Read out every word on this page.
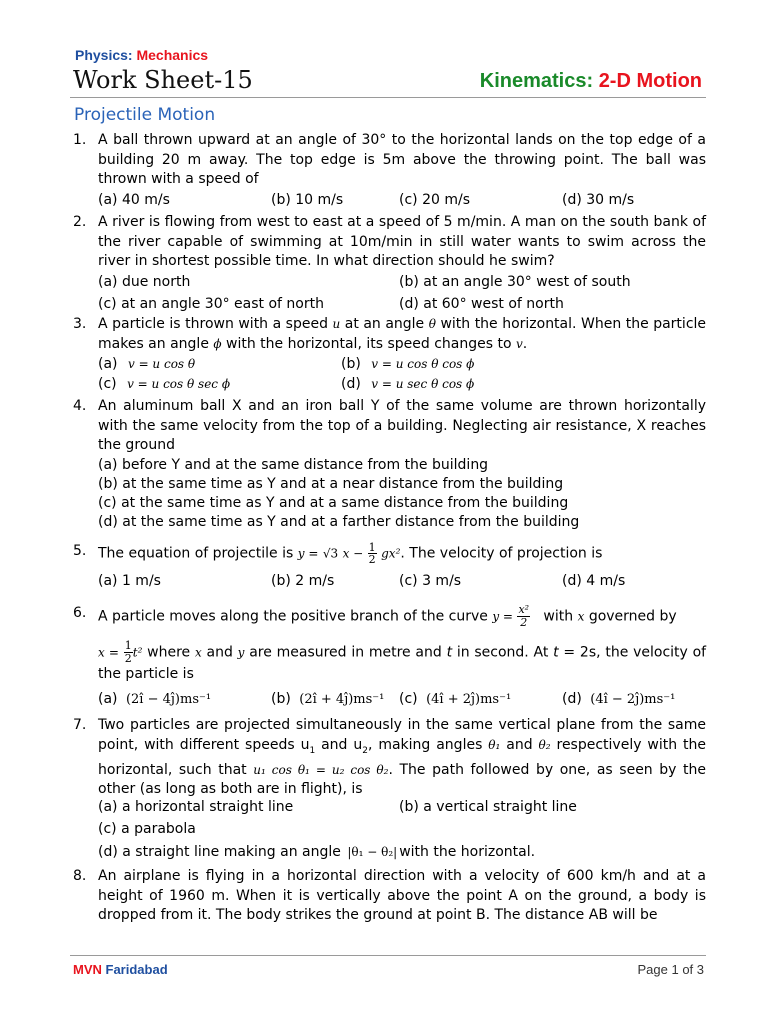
Physics: Mechanics
Work Sheet-15	Kinematics: 2-D Motion
Projectile Motion
1. A ball thrown upward at an angle of 30° to the horizontal lands on the top edge of a building 20 m away. The top edge is 5m above the throwing point. The ball was thrown with a speed of
(a) 40 m/s	(b) 10 m/s	(c) 20 m/s	(d) 30 m/s
2. A river is flowing from west to east at a speed of 5 m/min. A man on the south bank of the river capable of swimming at 10m/min in still water wants to swim across the river in shortest possible time. In what direction should he swim?
(a) due north	(b) at an angle 30° west of south
(c) at an angle 30° east of north	(d) at 60° west of north
3. A particle is thrown with a speed u at an angle θ with the horizontal. When the particle makes an angle ϕ with the horizontal, its speed changes to v.
(a) v = u cos θ	(b) v = u cos θ cos ϕ
(c) v = u cos θ sec ϕ	(d) v = u sec θ cos ϕ
4. An aluminum ball X and an iron ball Y of the same volume are thrown horizontally with the same velocity from the top of a building. Neglecting air resistance, X reaches the ground
(a) before Y and at the same distance from the building
(b) at the same time as Y and at a near distance from the building
(c) at the same time as Y and at a same distance from the building
(d) at the same time as Y and at a farther distance from the building
5. The equation of projectile is y = √3 $x - \frac{1}{2} gx^2$. The velocity of projection is
(a) 1 m/s	(b) 2 m/s	(c) 3 m/s	(d) 4 m/s
6. A particle moves along the positive branch of the curve $y = \frac{\text{x²}}{2}$ with x governed by
$x = \frac{1}{2} t^2$ where x and y are measured in metre and t in second. At t = 2s, the velocity of the particle is
(a) (2î − 4ĵ)ms⁻¹	(b) (2î + 4ĵ)ms⁻¹ (c) (4î + 2ĵ)ms⁻¹	(d) (4î − 2ĵ)ms⁻¹
7. Two particles are projected simultaneously in the same vertical plane from the same point, with different speeds $u_1$ and $u_2$, making angles θ₁ and θ₂ respectively with the horizontal, such that u₁ cos θ₁ = u₂ cos θ₂. The path followed by one, as seen by the other (as long as both are in flight), is
(a) a horizontal straight line	(b) a vertical straight line
(c) a parabola
(d) a straight line making an angle |θ₁ − θ₂| with the horizontal.
8. An airplane is flying in a horizontal direction with a velocity of 600 km/h and at a height of 1960 m. When it is vertically above the point A on the ground, a body is dropped from it. The body strikes the ground at point B. The distance AB will be
MVN Faridabad	Page 1 of 3
